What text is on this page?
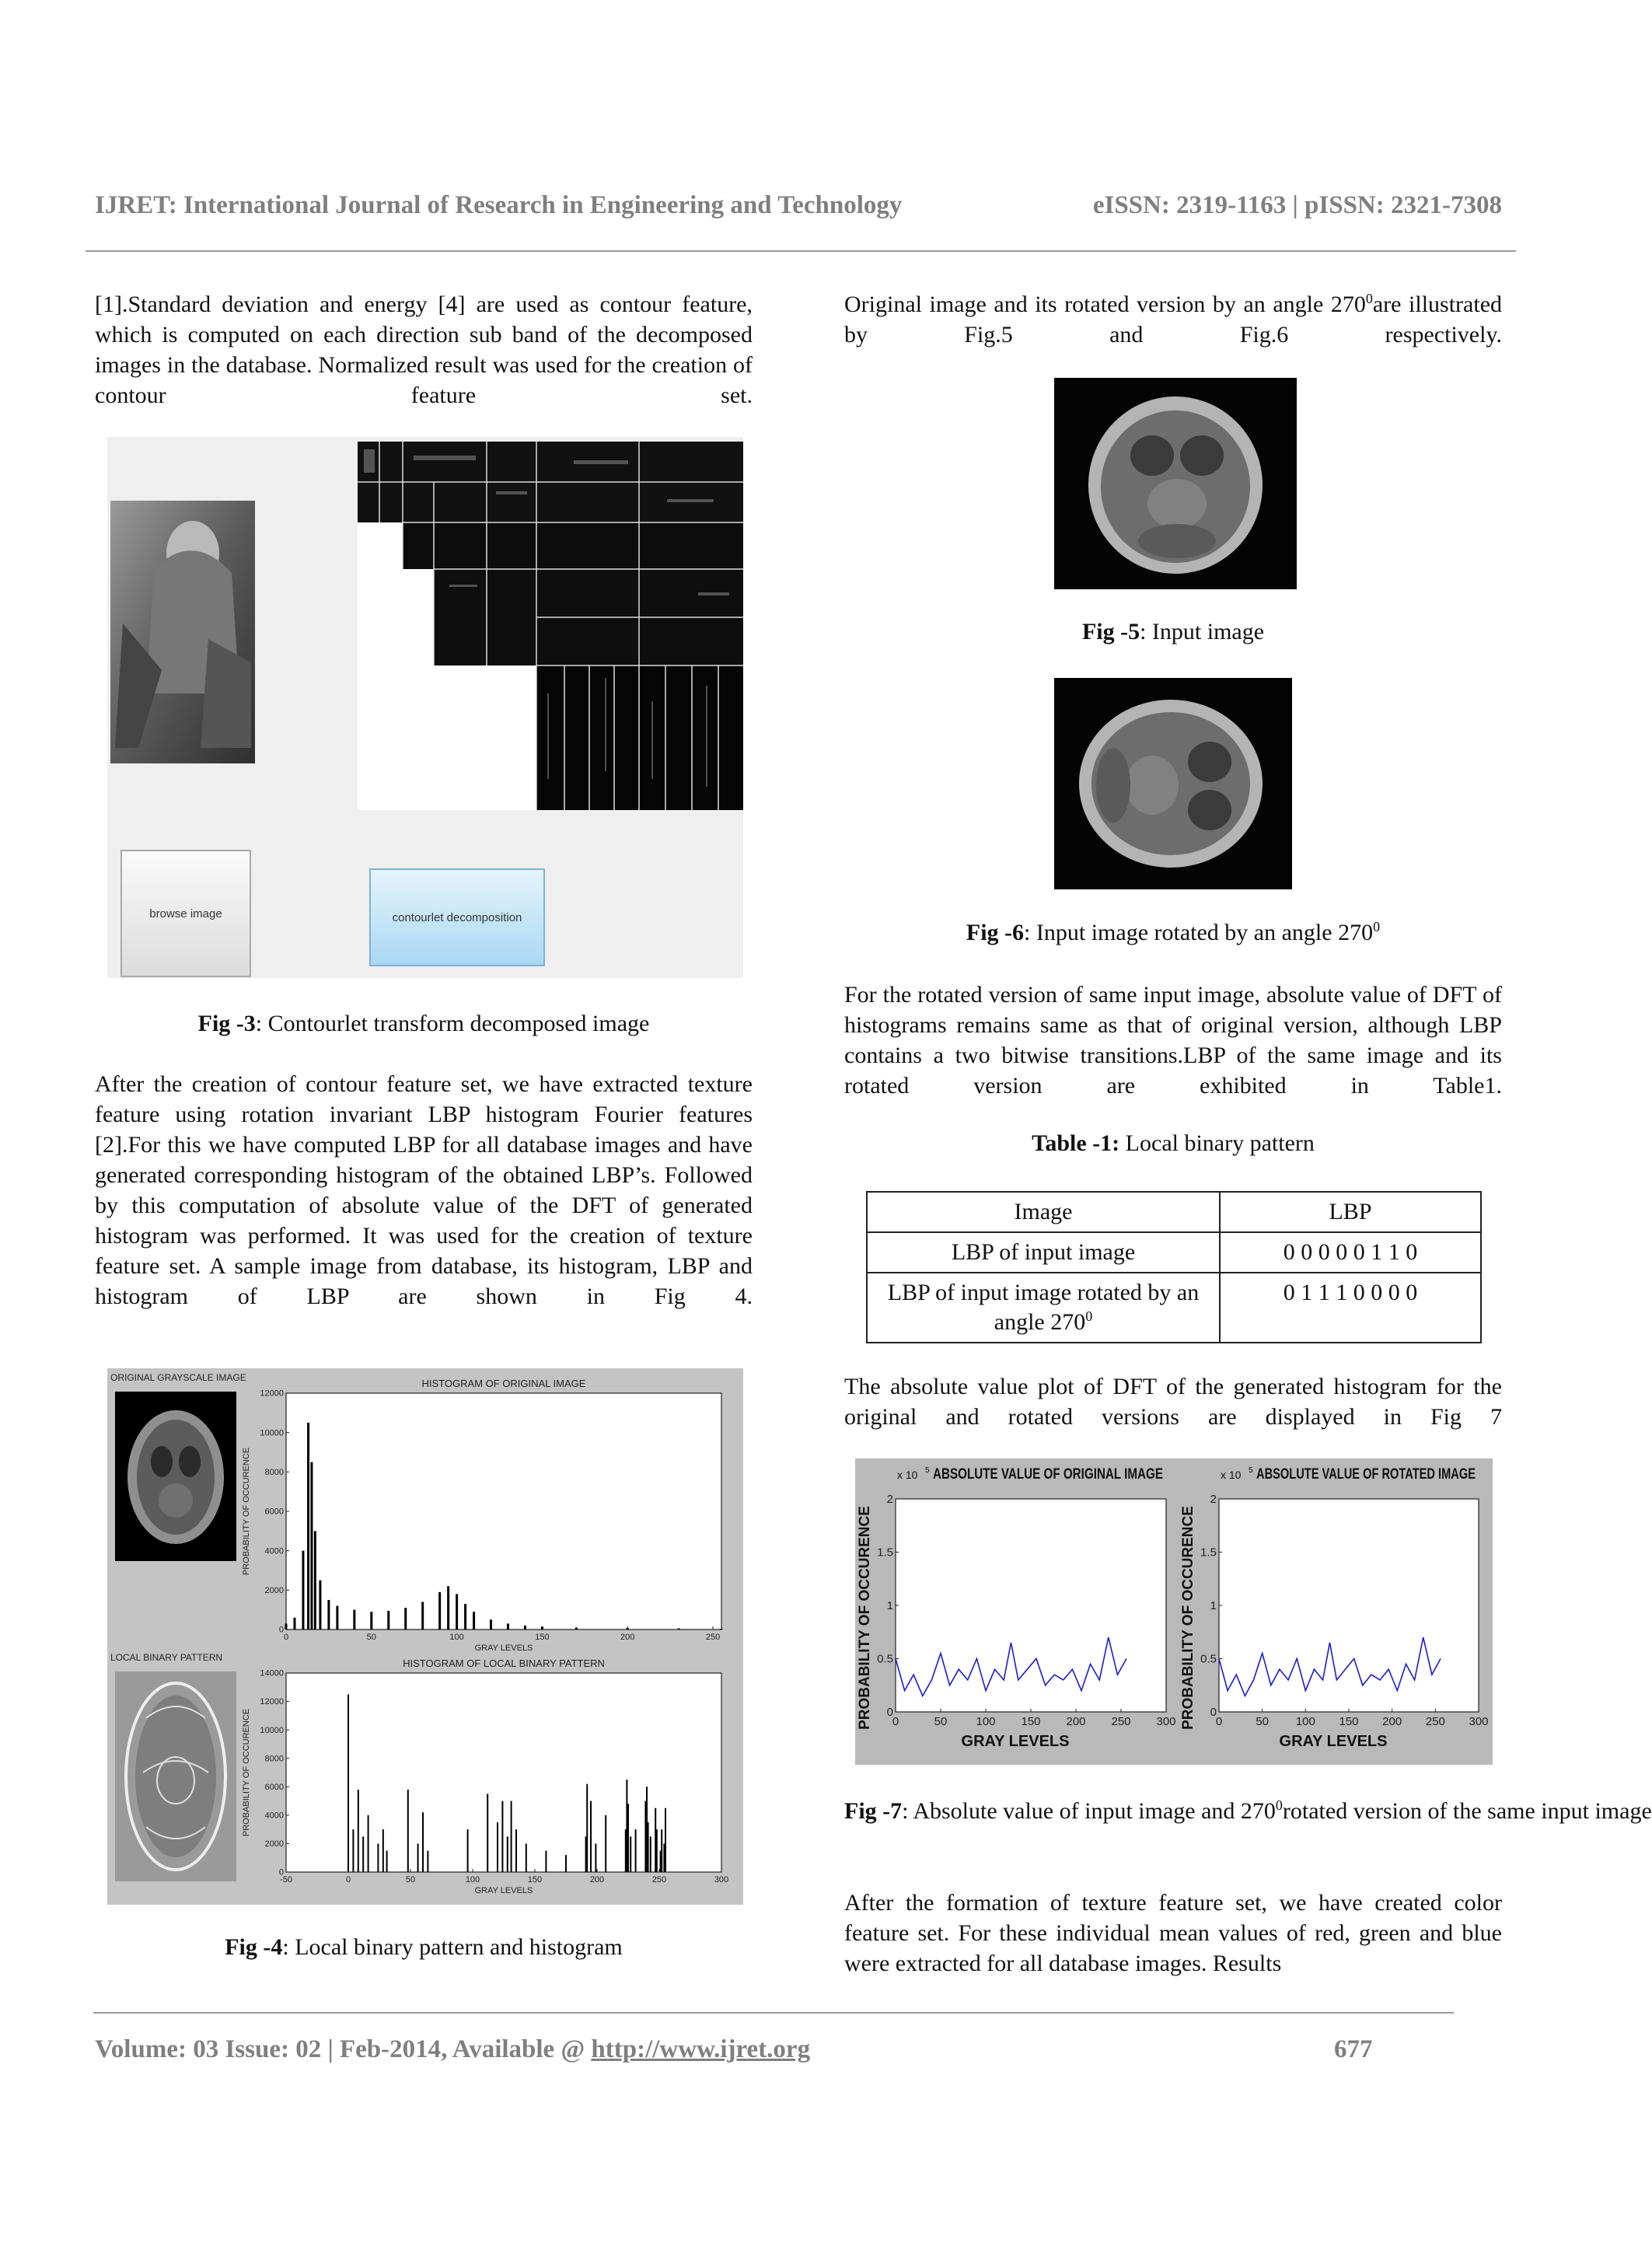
IJRET: International Journal of Research in Engineering and Technology	eISSN: 2319-1163 | pISSN: 2321-7308
[1].Standard deviation and energy [4] are used as contour feature, which is computed on each direction sub band of the decomposed images in the database. Normalized result was used for the creation of contour feature set.
browse image	contourlet decomposition
Fig -3: Contourlet transform decomposed image
After the creation of contour feature set, we have extracted texture feature using rotation invariant LBP histogram Fourier features [2].For this we have computed LBP for all database images and have generated corresponding histogram of the obtained LBP’s. Followed by this computation of absolute value of the DFT of generated histogram was performed. It was used for the creation of texture feature set. A sample image from database, its histogram, LBP and histogram of LBP are shown in Fig 4.
ORIGINAL GRAYSCALE IMAGE
LOCAL BINARY PATTERN
HISTOGRAM OF ORIGINAL IMAGE
0	50	100	150	200	250
0
2000
4000
6000
8000
10000
12000
GRAY LEVELS
PROBABILITY OF OCCURENCE
HISTOGRAM OF LOCAL BINARY PATTERN
-50	0	50	100	150	200	250	300
0
2000
4000
6000
8000
10000
12000
14000
GRAY LEVELS
PROBABILITY OF OCCURENCE
Fig -4: Local binary pattern and histogram
Original image and its rotated version by an angle $270^0are$ illustrated by Fig.5 and Fig.6 respectively.
Fig -5: Input image
Fig -6: Input image rotated by an angle $270^0$
For the rotated version of same input image, absolute value of DFT of histograms remains same as that of original version, although LBP contains a two bitwise transitions.LBP of the same image and its rotated version are exhibited in Table1.
Table -1: Local binary pattern
Image	LBP
LBP of input image	0 0 0 0 0 1 1 0
LBP of input image rotated by an angle $270^0$	0 1 1 1 0 0 0 0
The absolute value plot of DFT of the generated histogram for the original and rotated versions are displayed in Fig 7
x 10 5 ABSOLUTE VALUE OF ORIGINAL IMAGE
0	50 100 150 200 250 300
0
0.5
1
1.5
2
GRAY LEVELS
PROBABILITY OF OCCURENCE
x 10 5 ABSOLUTE VALUE OF ROTATED IMAGE
0	50 100 150 200 250 300
0
0.5
1
1.5
2
GRAY LEVELS
PROBABILITY OF OCCURENCE
Fig -7: Absolute value of input image and $270^0rotated$ version of the same input image
After the formation of texture feature set, we have created color feature set. For these individual mean values of red, green and blue were extracted for all database images. Results
Volume: 03 Issue: 02 | Feb-2014, Available @ http://www.ijret.org	677
